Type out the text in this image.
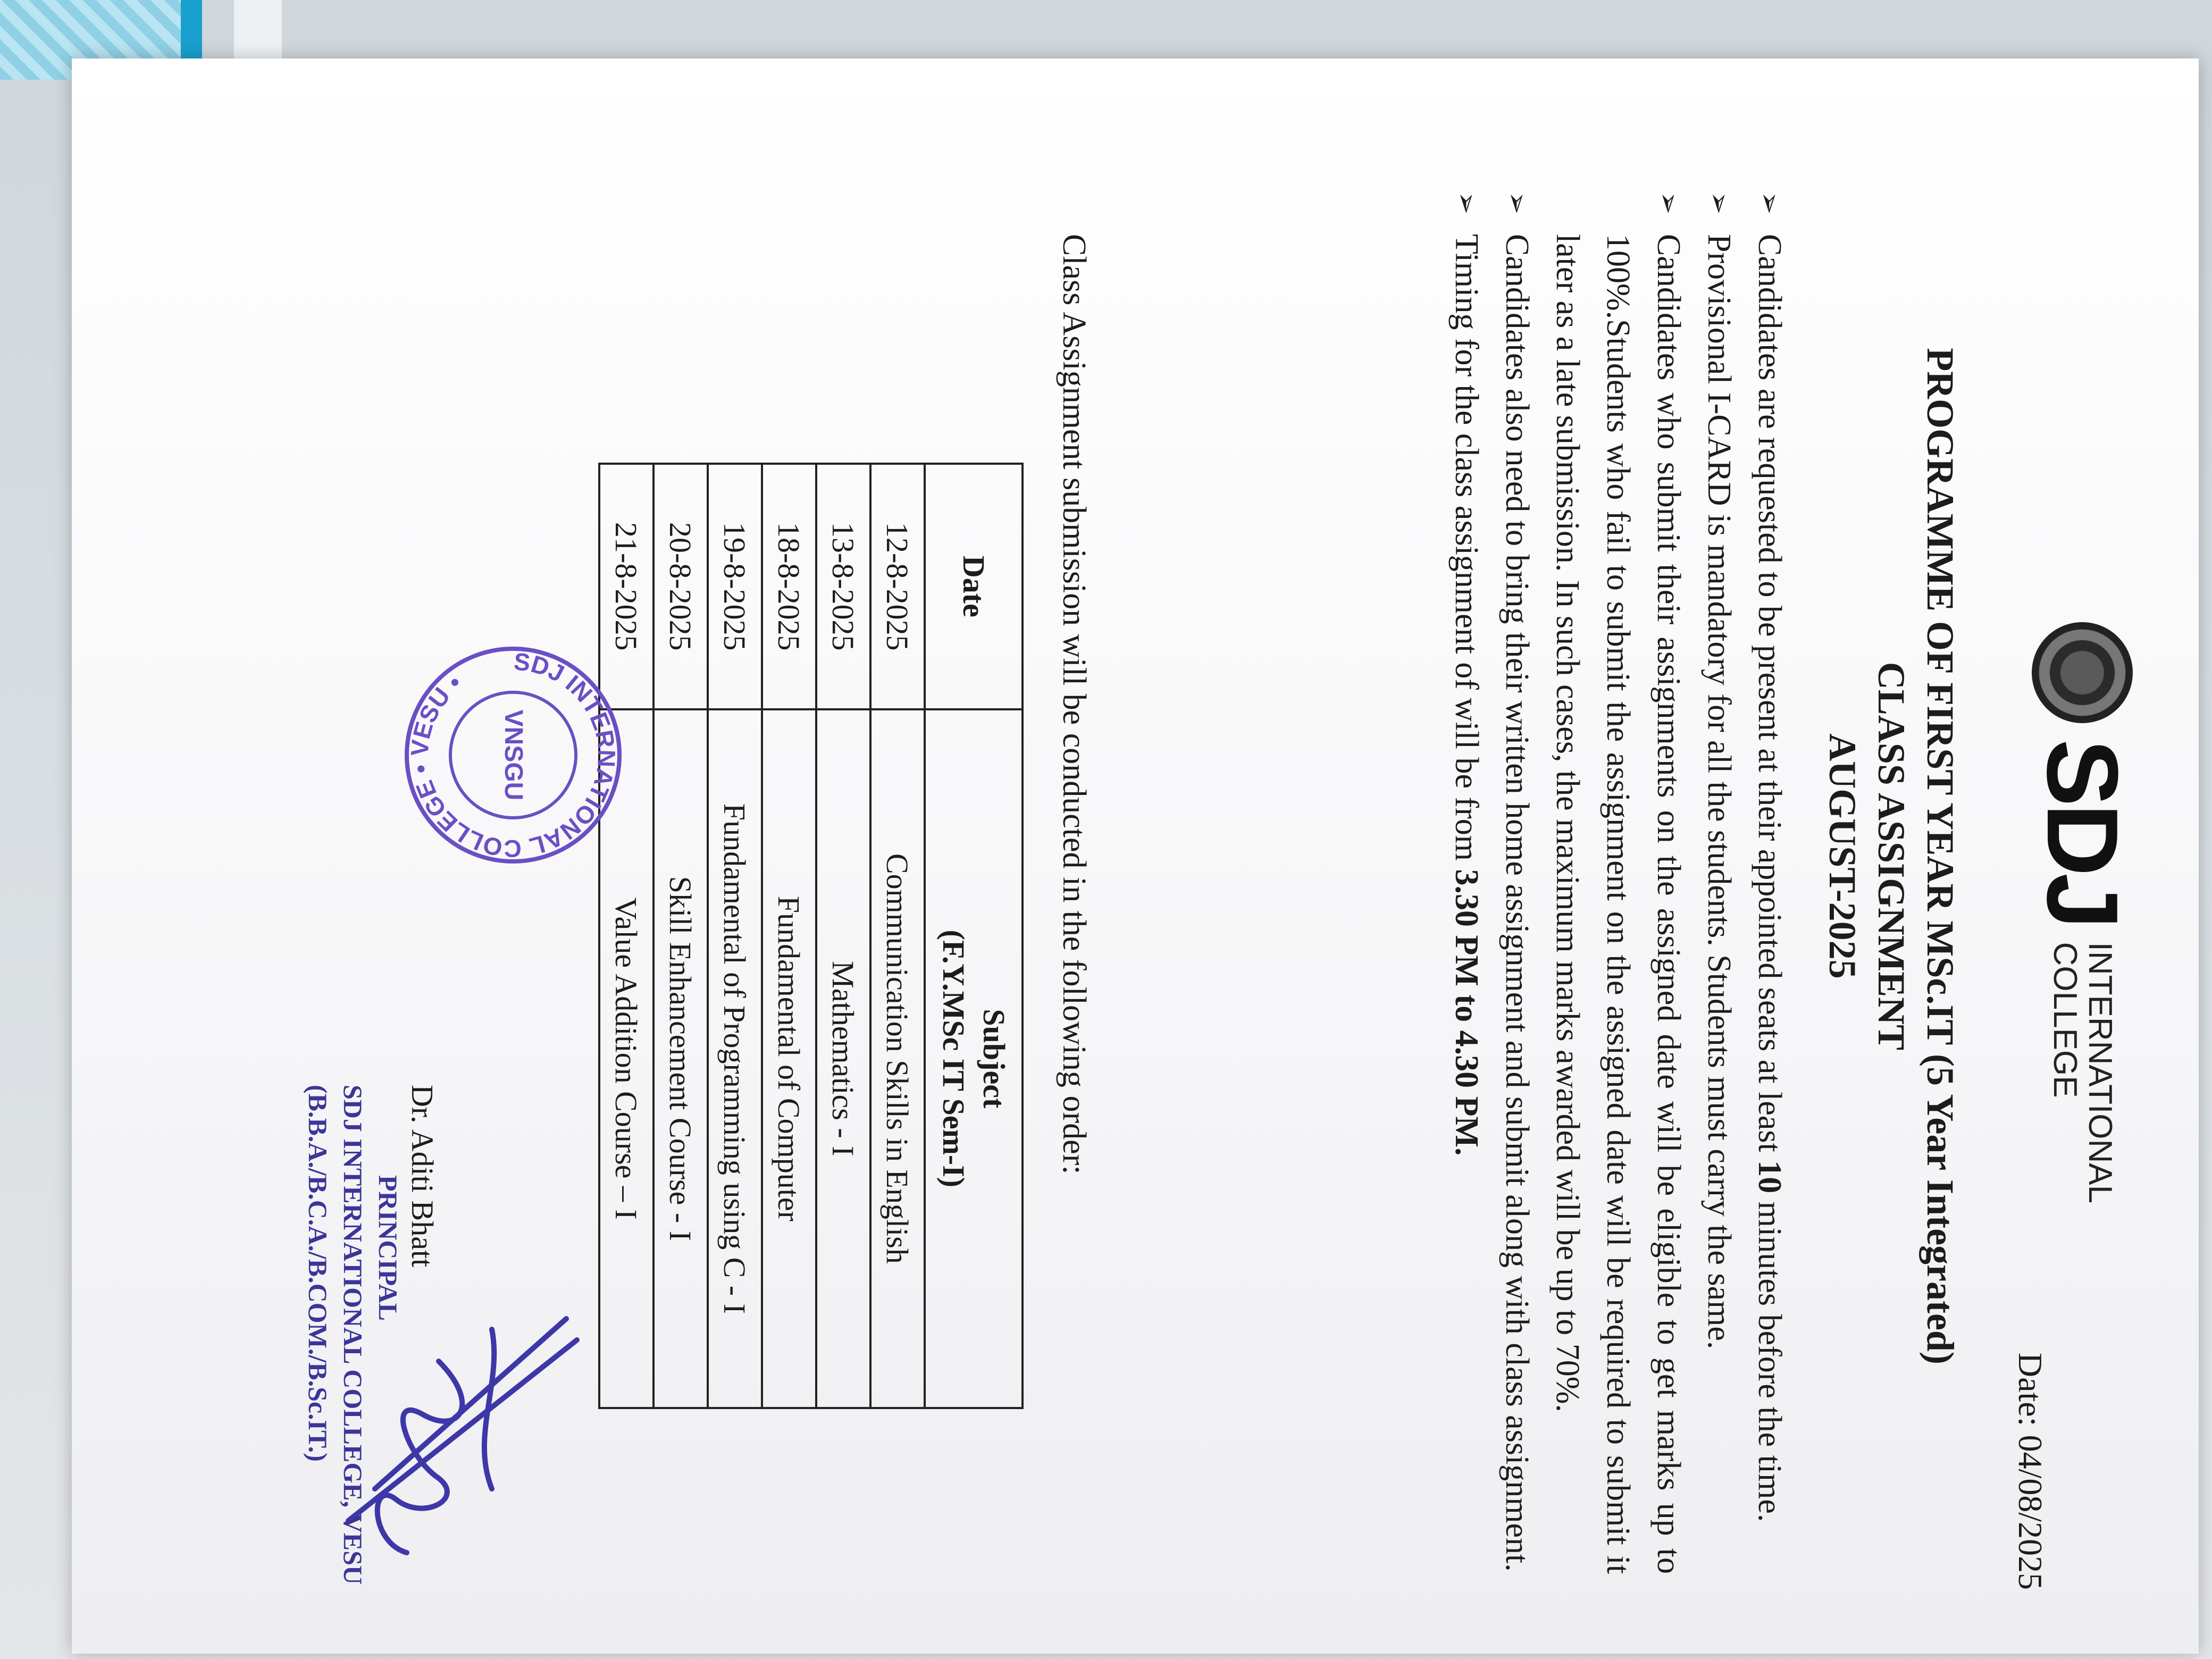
SDJ
INTERNATIONAL
COLLEGE
Date: 04/08/2025
PROGRAMME OF FIRST YEAR MSc.IT (5 Year Integrated)
CLASS ASSIGNMENT
AUGUST-2025
➢ Candidates are requested to be present at their appointed seats at least 10 minutes before the time.
➢ Provisional I-CARD is mandatory for all the students. Students must carry the same.
➢ Candidates who submit their assignments on the assigned date will be eligible to get marks up to 100%.Students who fail to submit the assignment on the assigned date will be required to submit it later as a late submission. In such cases, the maximum marks awarded will be up to 70%.
➢ Candidates also need to bring their written home assignment and submit along with class assignment.
➢ Timing for the class assignment of will be from 3.30 PM to 4.30 PM.
Class Assignment submission will be conducted in the following order:
Date	Subject
(F.Y.MSc IT Sem-I)

12-8-2025	Communication Skills in English
13-8-2025	Mathematics - I
18-8-2025	Fundamental of Computer
19-8-2025	Fundamental of Programming using C - I
20-8-2025	Skill Enhancement Course - I
21-8-2025	Value Addition Course – I
SDJ INTERNATIONAL COLLEGE • VESU •
VNSGU
Dr. Aditi Bhatt
PRINCIPAL
SDJ INTERNATIONAL COLLEGE, VESU
(B.B.A./B.C.A./B.COM./B.Sc.IT.)
